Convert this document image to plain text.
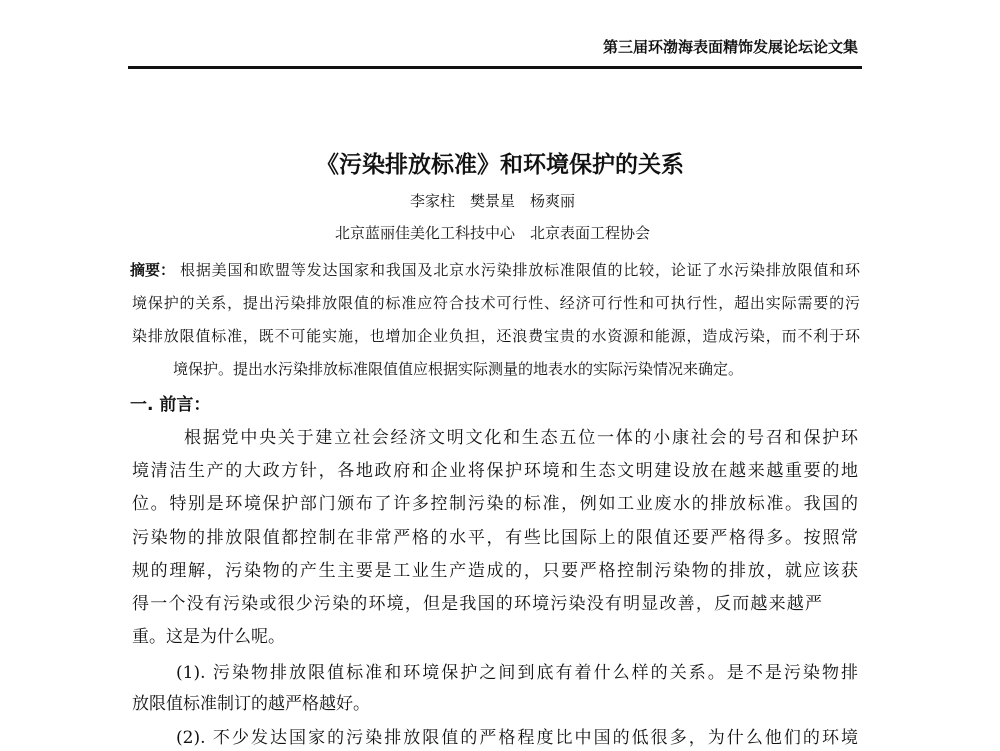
第三届环渤海表面精饰发展论坛论文集
《污染排放标准》和环境保护的关系
李家柱　樊景星　杨爽丽
北京蓝丽佳美化工科技中心　北京表面工程协会
摘要： 根据美国和欧盟等发达国家和我国及北京水污染排放标准限值的比较，论证了水污染排放限值和环
境保护的关系，提出污染排放限值的标准应符合技术可行性、经济可行性和可执行性，超出实际需要的污
染排放限值标准，既不可能实施，也增加企业负担，还浪费宝贵的水资源和能源，造成污染，而不利于环
境保护。提出水污染排放标准限值值应根据实际测量的地表水的实际污染情况来确定。
一. 前言：
根据党中央关于建立社会经济文明文化和生态五位一体的小康社会的号召和保护环
境清洁生产的大政方针，各地政府和企业将保护环境和生态文明建设放在越来越重要的地
位。特别是环境保护部门颁布了许多控制污染的标准，例如工业废水的排放标准。我国的
污染物的排放限值都控制在非常严格的水平，有些比国际上的限值还要严格得多。按照常
规的理解，污染物的产生主要是工业生产造成的，只要严格控制污染物的排放，就应该获
得一个没有污染或很少污染的环境，但是我国的环境污染没有明显改善，反而越来越严
重。这是为什么呢。
(1). 污染物排放限值标准和环境保护之间到底有着什么样的关系。是不是污染物排
放限值标准制订的越严格越好。
(2). 不少发达国家的污染排放限值的严格程度比中国的低很多，为什么他们的环境
